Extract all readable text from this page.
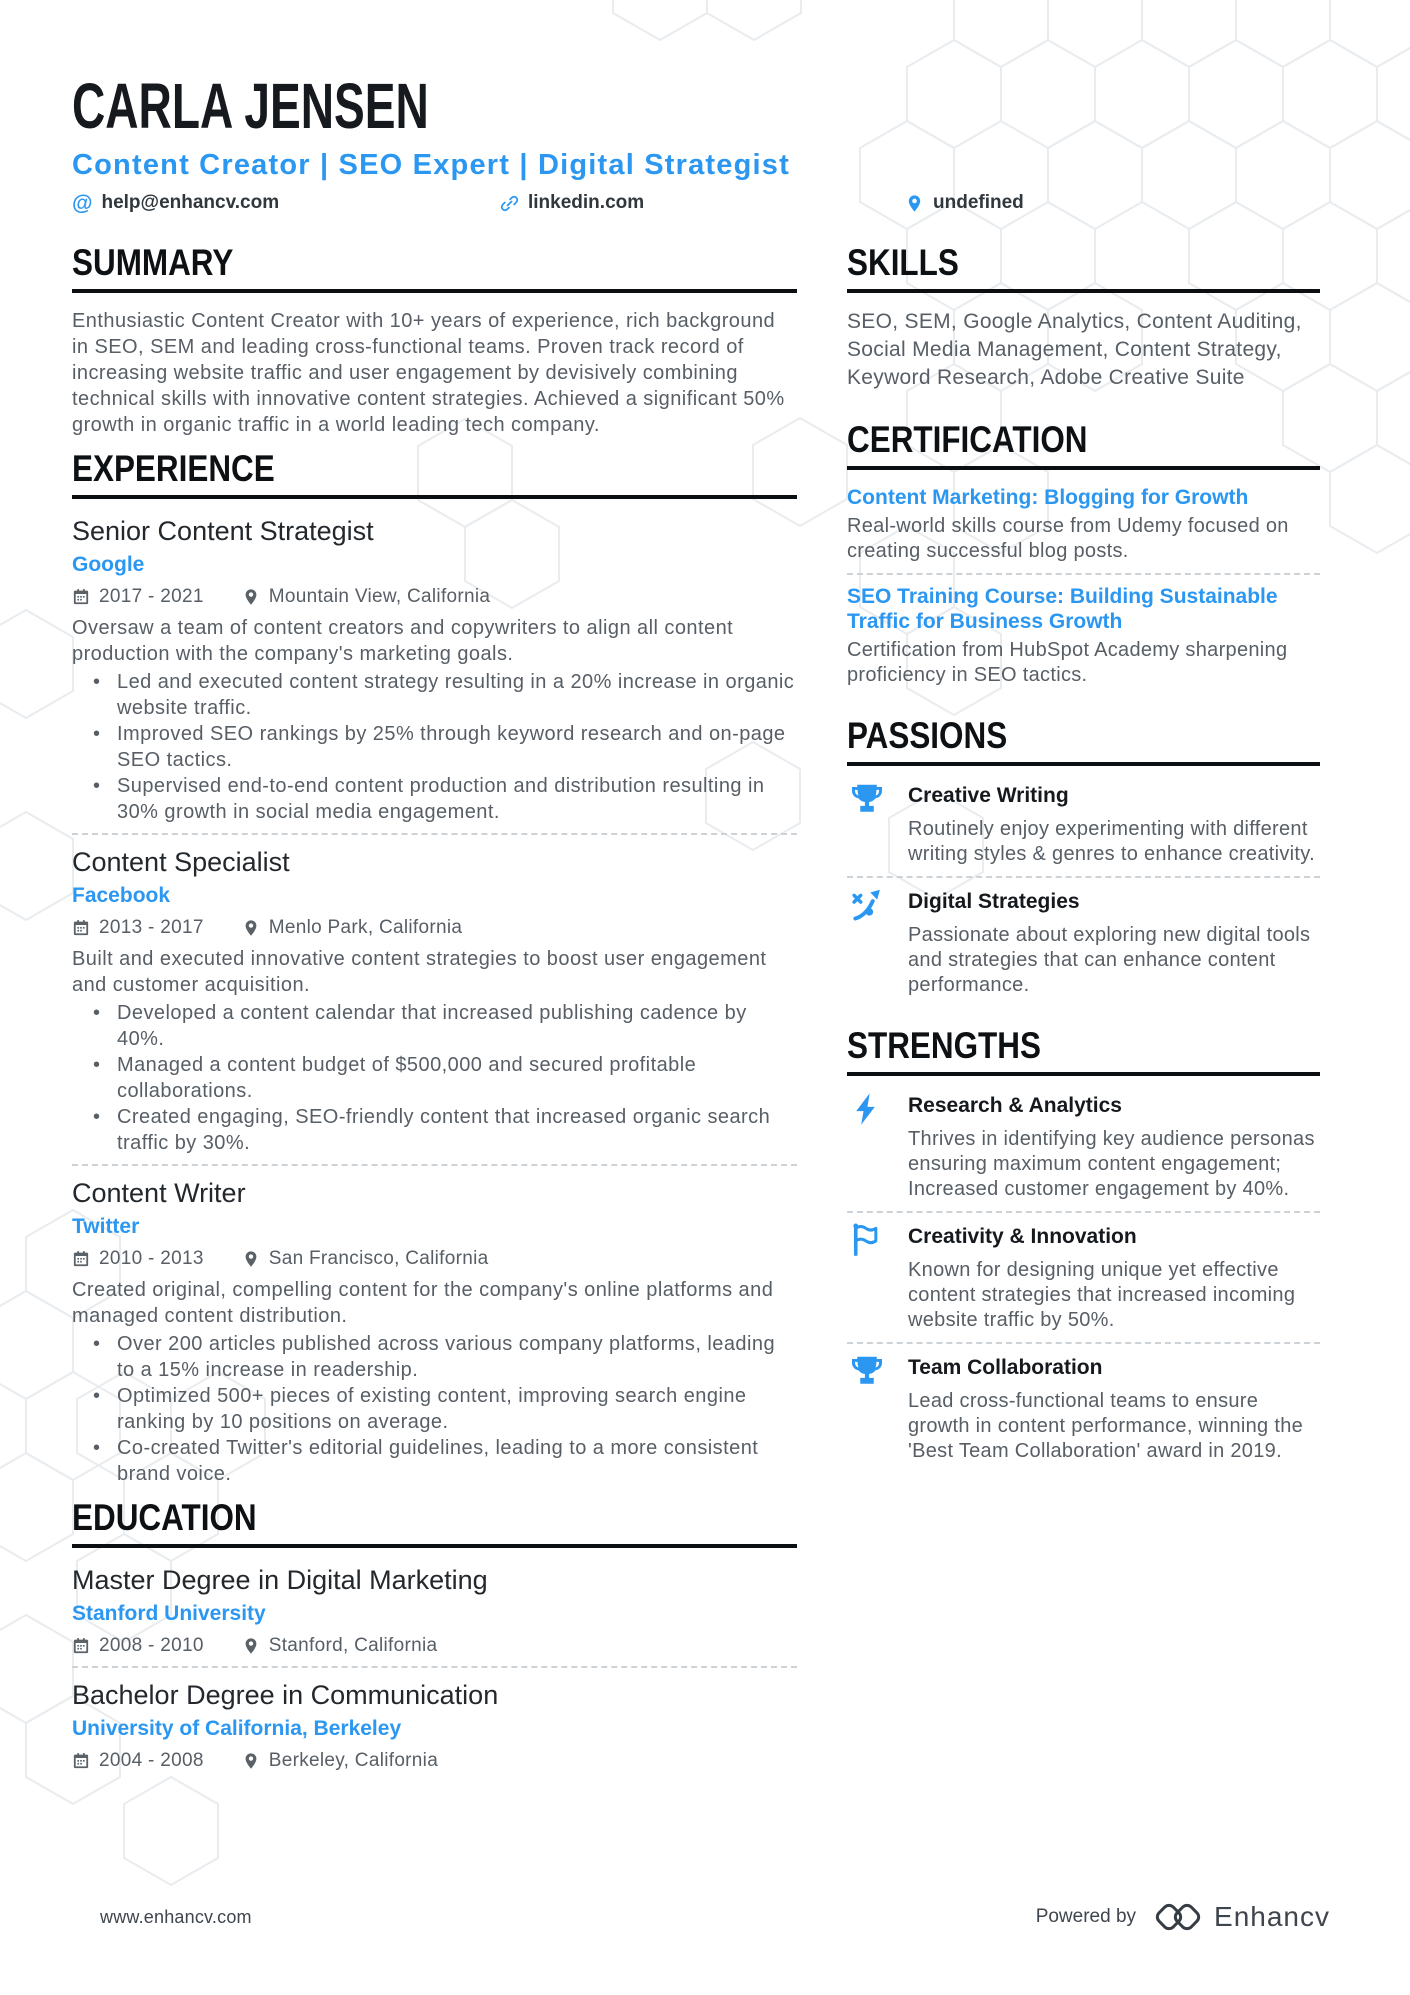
CARLA JENSEN
Content Creator | SEO Expert | Digital Strategist
@ help@enhancv.com	linkedin.com	undefined
SUMMARY

Enthusiastic Content Creator with 10+ years of experience, rich background in SEO, SEM and leading cross-functional teams. Proven track record of increasing website traffic and user engagement by devisively combining technical skills with innovative content strategies. Achieved a significant 50% growth in organic traffic in a world leading tech company.

EXPERIENCE
Senior Content Strategist
Google
2017 - 2021	Mountain View, California

Oversaw a team of content creators and copywriters to align all content production with the company's marketing goals.

• Led and executed content strategy resulting in a 20% increase in organic website traffic.
• Improved SEO rankings by 25% through keyword research and on-page SEO tactics.
• Supervised end-to-end content production and distribution resulting in 30% growth in social media engagement.
Content Specialist
Facebook
2013 - 2017	Menlo Park, California

Built and executed innovative content strategies to boost user engagement and customer acquisition.

• Developed a content calendar that increased publishing cadence by 40%.
• Managed a content budget of $500,000 and secured profitable collaborations.
• Created engaging, SEO-friendly content that increased organic search traffic by 30%.
Content Writer
Twitter
2010 - 2013	San Francisco, California

Created original, compelling content for the company's online platforms and managed content distribution.

• Over 200 articles published across various company platforms, leading to a 15% increase in readership.
• Optimized 500+ pieces of existing content, improving search engine ranking by 10 positions on average.
• Co-created Twitter's editorial guidelines, leading to a more consistent brand voice.
EDUCATION
Master Degree in Digital Marketing
Stanford University
2008 - 2010	Stanford, California
Bachelor Degree in Communication
University of California, Berkeley
2004 - 2008	Berkeley, California
SKILLS

SEO, SEM, Google Analytics, Content Auditing, Social Media Management, Content Strategy, Keyword Research, Adobe Creative Suite

CERTIFICATION
Content Marketing: Blogging for Growth

Real-world skills course from Udemy focused on creating successful blog posts.

SEO Training Course: Building Sustainable Traffic for Business Growth

Certification from HubSpot Academy sharpening proficiency in SEO tactics.

PASSIONS
Creative Writing

Routinely enjoy experimenting with different writing styles & genres to enhance creativity.

Digital Strategies

Passionate about exploring new digital tools and strategies that can enhance content performance.

STRENGTHS
Research & Analytics

Thrives in identifying key audience personas ensuring maximum content engagement; Increased customer engagement by 40%.

Creativity & Innovation

Known for designing unique yet effective content strategies that increased incoming website traffic by 50%.

Team Collaboration

Lead cross-functional teams to ensure growth in content performance, winning the 'Best Team Collaboration' award in 2019.

www.enhancv.com	Powered by	Enhancv
